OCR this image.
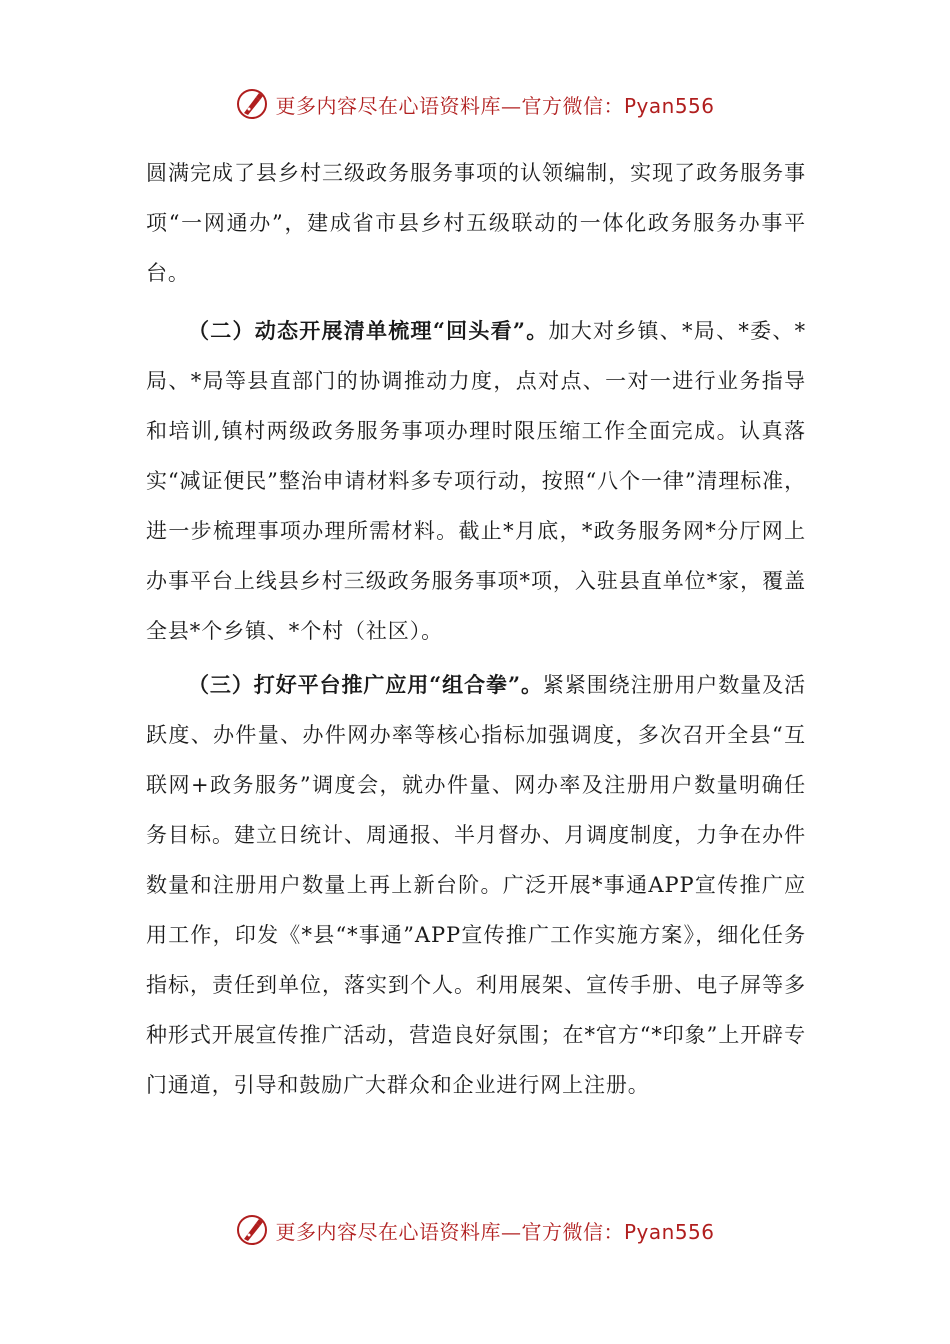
更多内容尽在心语资料库—官方微信：Pyan556

圆满完成了县乡村三级政务服务事项的认领编制，实现了政务服务事项“一网通办”，建成省市县乡村五级联动的一体化政务服务办事平台。

（二）动态开展清单梳理“回头看”。加大对乡镇、*局、*委、*局、*局等县直部门的协调推动力度，点对点、一对一进行业务指导和培训,镇村两级政务服务事项办理时限压缩工作全面完成。认真落实“减证便民”整治申请材料多专项行动，按照“八个一律”清理标准，进一步梳理事项办理所需材料。截止*月底，*政务服务网*分厅网上办事平台上线县乡村三级政务服务事项*项，入驻县直单位*家，覆盖全县*个乡镇、*个村（社区）。

（三）打好平台推广应用“组合拳”。紧紧围绕注册用户数量及活跃度、办件量、办件网办率等核心指标加强调度，多次召开全县“互联网+政务服务”调度会，就办件量、网办率及注册用户数量明确任务目标。建立日统计、周通报、半月督办、月调度制度，力争在办件数量和注册用户数量上再上新台阶。广泛开展*事通APP宣传推广应用工作，印发《*县“*事通”APP宣传推广工作实施方案》，细化任务指标，责任到单位，落实到个人。利用展架、宣传手册、电子屏等多种形式开展宣传推广活动，营造良好氛围；在*官方“*印象”上开辟专门通道，引导和鼓励广大群众和企业进行网上注册。

更多内容尽在心语资料库—官方微信：Pyan556
